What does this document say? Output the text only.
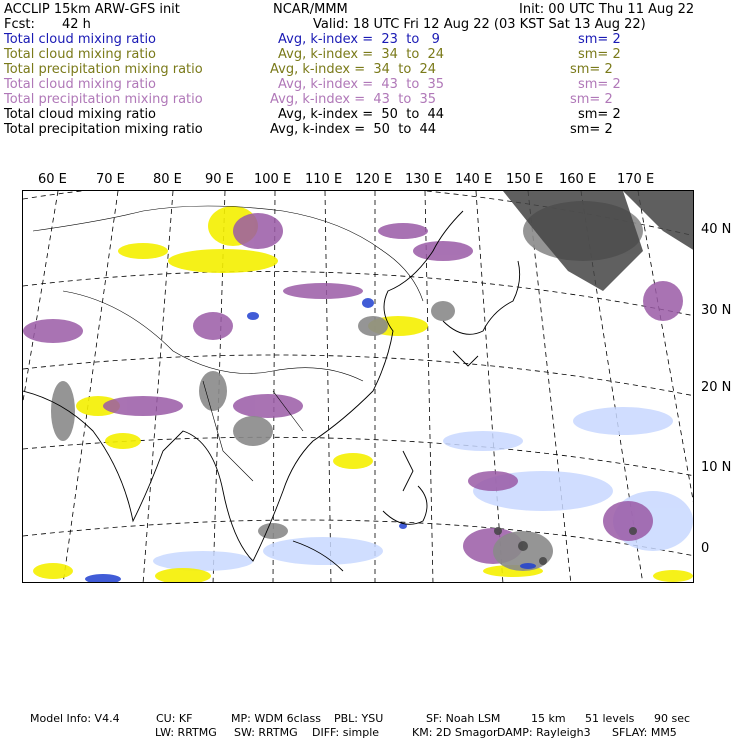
ACCLIP 15km ARW-GFS init	NCAR/MMM	Init: 00 UTC Thu 11 Aug 22
Fcst: 42 h	Valid: 18 UTC Fri 12 Aug 22 (03 KST Sat 13 Aug 22)
Total cloud mixing ratio	Avg, k-index =  23  to   9	sm= 2
Total cloud mixing ratio	Avg, k-index =  34  to  24	sm= 2
Total precipitation mixing ratio	Avg, k-index =  34  to  24	sm= 2
Total cloud mixing ratio	Avg, k-index =  43  to  35	sm= 2
Total precipitation mixing ratio	Avg, k-index =  43  to  35	sm= 2
Total cloud mixing ratio	Avg, k-index =  50  to  44	sm= 2
Total precipitation mixing ratio	Avg, k-index =  50  to  44	sm= 2
60 E 70 E 80 E 90 E 100 E 110 E 120 E 130 E 140 E 150 E 160 E 170 E
40 N
30 N
20 N
10 N
0
Model Info: V4.4	CU: KF	MP: WDM 6class PBL: YSU	SF: Noah LSM	15 km 51 levels 90 sec
LW: RRTMG SW: RRTMG DIFF: simple	KM: 2D Smagor DAMP: Rayleigh3 SFLAY: MM5
